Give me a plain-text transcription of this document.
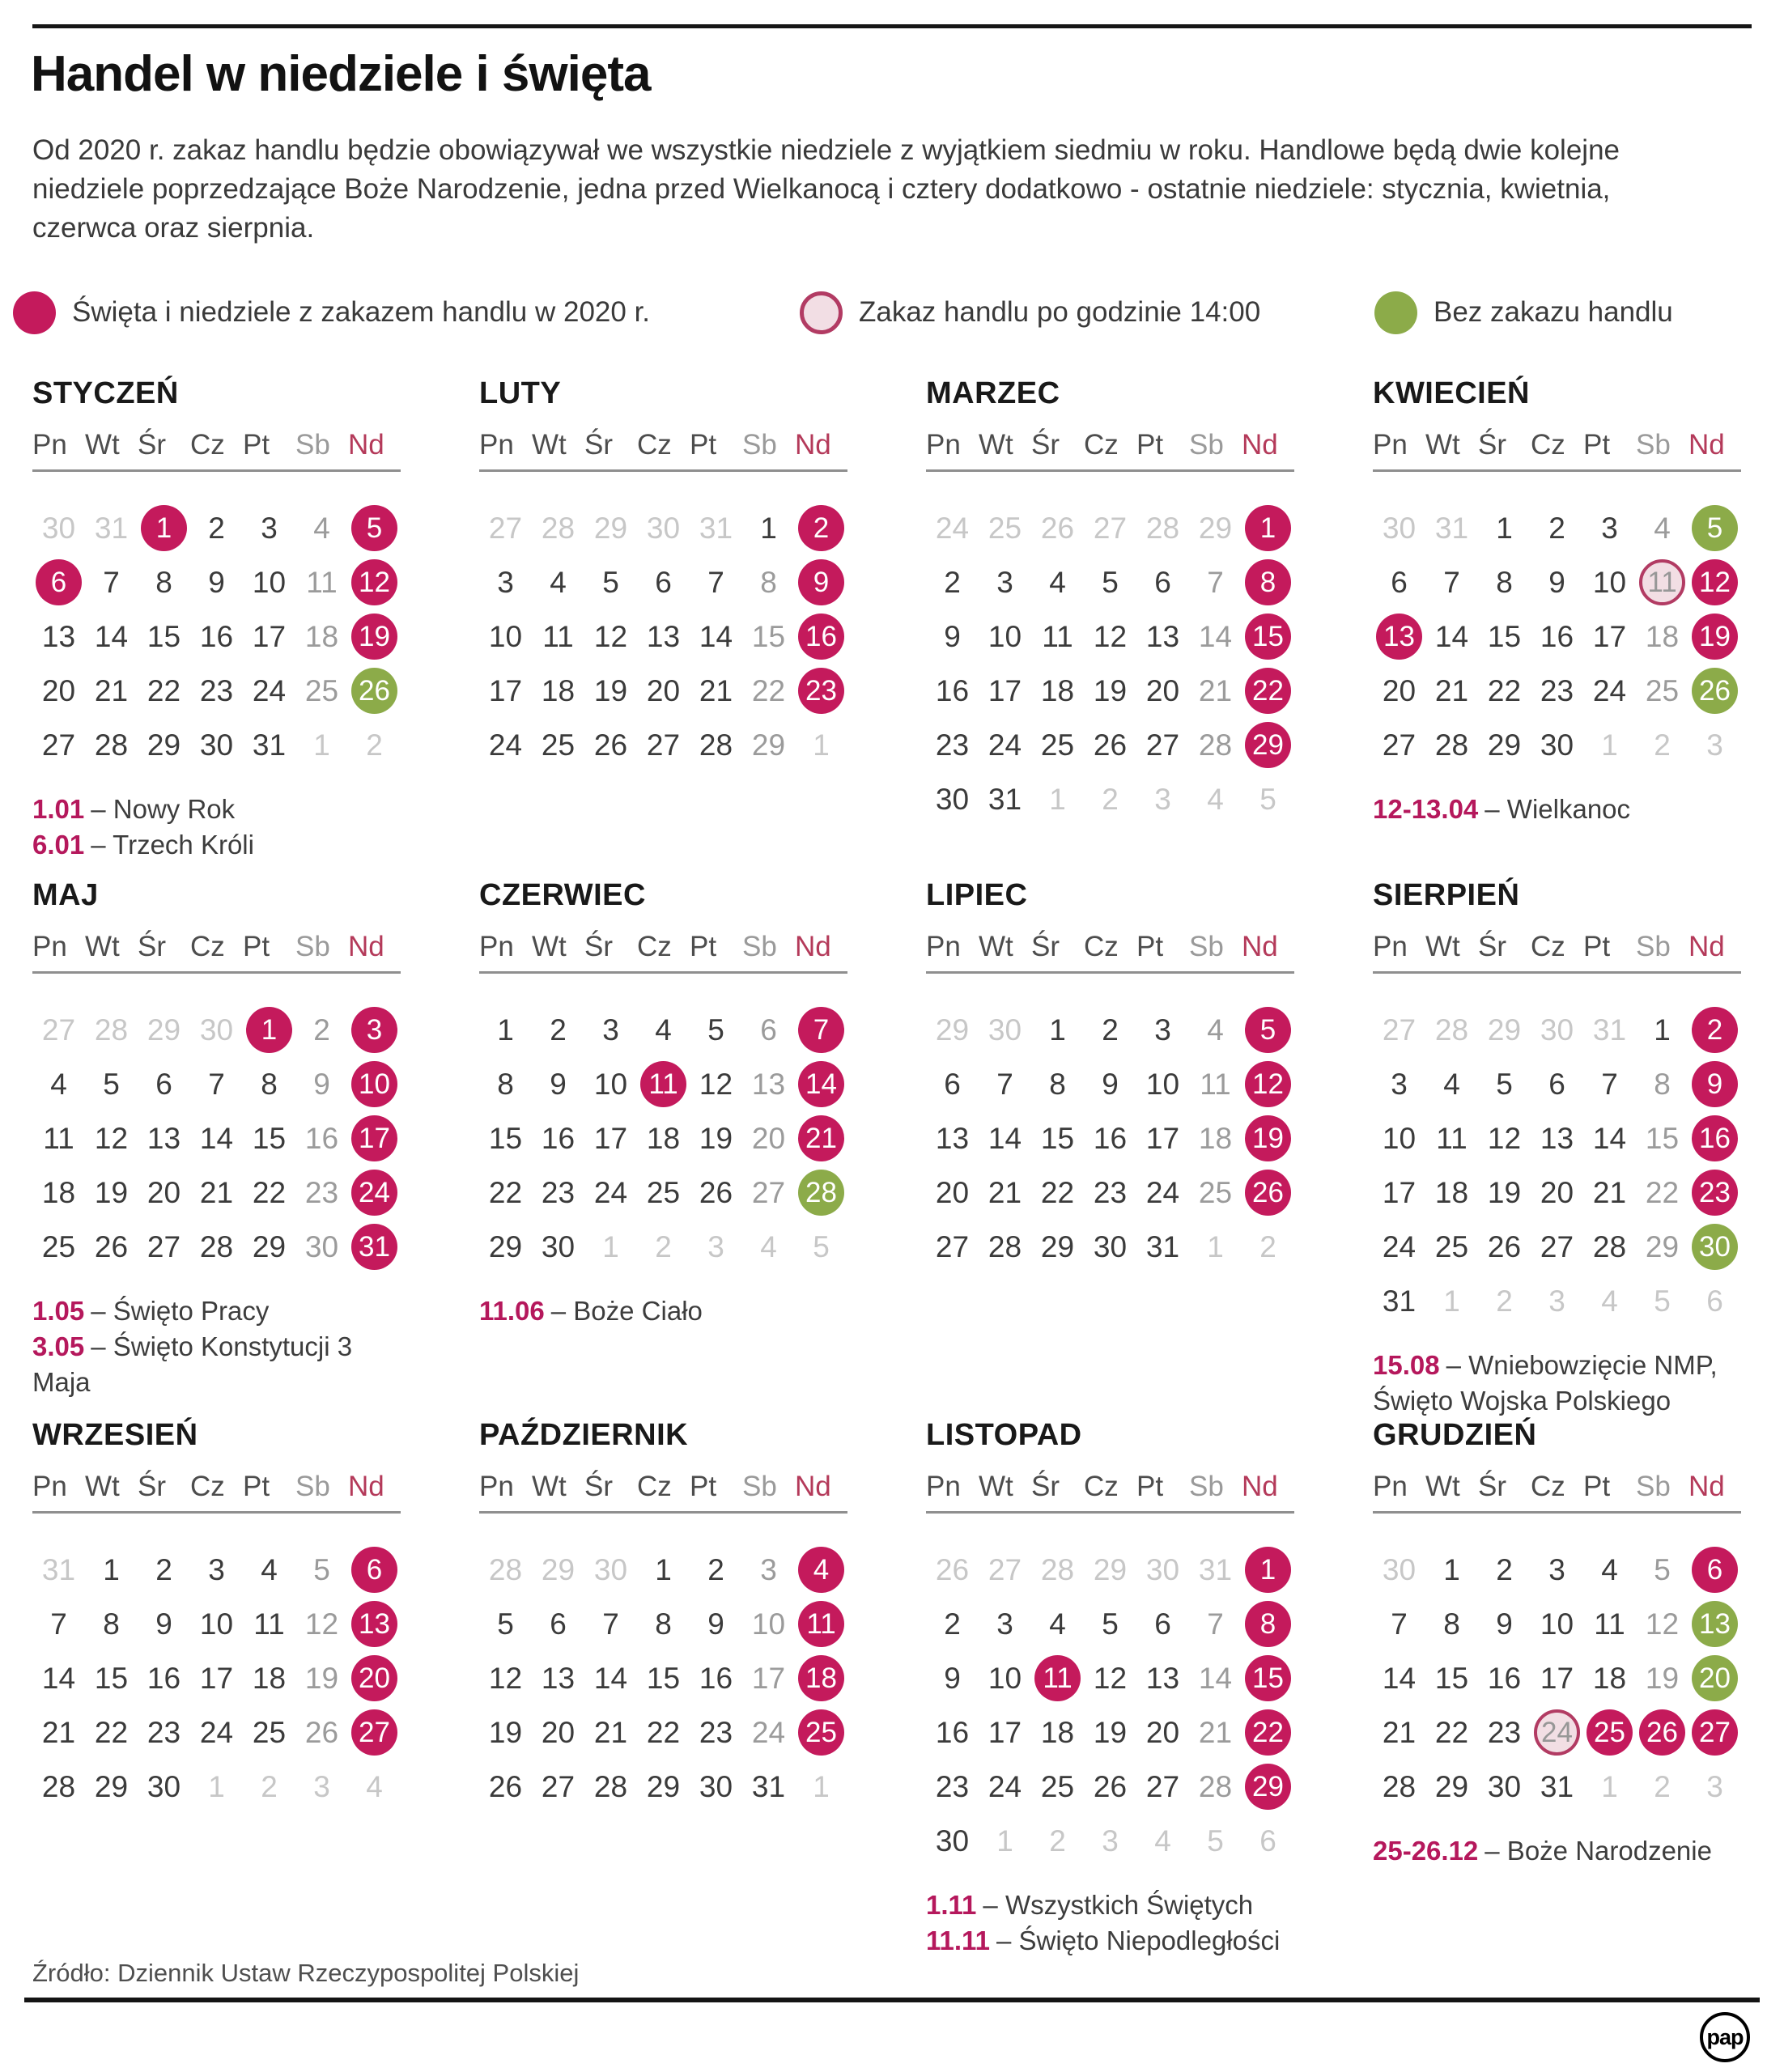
Handel w niedziele i święta

Od 2020 r. zakaz handlu będzie obowiązywał we wszystkie niedziele z wyjątkiem siedmiu w roku. Handlowe będą dwie kolejne niedziele poprzedzające Boże Narodzenie, jedna przed Wielkanocą i cztery dodatkowo - ostatnie niedziele: stycznia, kwietnia, czerwca oraz sierpnia.

Święta i niedziele z zakazem handlu w 2020 r.	Zakaz handlu po godzinie 14:00	Bez zakazu handlu
STYCZEŃ
Pn Wt Śr Cz Pt Sb Nd
30 31 1	2	3	4	5
6	7	8	9 10 11 12
13 14 15 16 17 18 19
20 21 22 23 24 25 26
27 28 29 30 31 1	2
1.01 – Nowy Rok
6.01 – Trzech Króli
LUTY
Pn Wt Śr Cz Pt Sb Nd
27 28 29 30 31 1	2
3	4	5	6	7	8	9
10 11 12 13 14 15 16
17 18 19 20 21 22 23
24 25 26 27 28 29 1
MARZEC
Pn Wt Śr Cz Pt Sb Nd
24 25 26 27 28 29 1
2	3	4	5	6	7	8
9 10 11 12 13 14 15
16 17 18 19 20 21 22
23 24 25 26 27 28 29
30 31 1	2	3	4	5
KWIECIEŃ
Pn Wt Śr Cz Pt Sb Nd
30 31 1	2	3	4	5
6	7	8	9 10 11 12
13 14 15 16 17 18 19
20 21 22 23 24 25 26
27 28 29 30 1	2	3
12-13.04 – Wielkanoc
MAJ
Pn Wt Śr Cz Pt Sb Nd
27 28 29 30 1	2	3
4	5	6	7	8	9	10
11 12 13 14 15 16 17
18 19 20 21 22 23 24
25 26 27 28 29 30 31
1.05 – Święto Pracy
3.05 – Święto Konstytucji 3 Maja
CZERWIEC
Pn Wt Śr Cz Pt Sb Nd
1	2	3	4	5	6	7
8	9 10 11 12 13 14
15 16 17 18 19 20 21
22 23 24 25 26 27 28
29 30 1	2	3	4	5
11.06 – Boże Ciało
LIPIEC
Pn Wt Śr Cz Pt Sb Nd
29 30 1	2	3	4	5
6	7	8	9 10 11 12
13 14 15 16 17 18 19
20 21 22 23 24 25 26
27 28 29 30 31 1	2
SIERPIEŃ
Pn Wt Śr Cz Pt Sb Nd
27 28 29 30 31 1	2
3	4	5	6	7	8	9
10 11 12 13 14 15 16
17 18 19 20 21 22 23
24 25 26 27 28 29 30
31 1	2	3	4	5	6
15.08 – Wniebowzięcie NMP, Święto Wojska Polskiego
WRZESIEŃ
Pn Wt Śr Cz Pt Sb Nd
31 1	2	3	4	5	6
7	8	9 10 11 12 13
14 15 16 17 18 19 20
21 22 23 24 25 26 27
28 29 30 1	2	3	4
PAŹDZIERNIK
Pn Wt Śr Cz Pt Sb Nd
28 29 30 1	2	3	4
5	6	7	8	9 10 11
12 13 14 15 16 17 18
19 20 21 22 23 24 25
26 27 28 29 30 31 1
LISTOPAD
Pn Wt Śr Cz Pt Sb Nd
26 27 28 29 30 31 1
2	3	4	5	6	7	8
9 10 11 12 13 14 15
16 17 18 19 20 21 22
23 24 25 26 27 28 29
30 1	2	3	4	5	6
1.11 – Wszystkich Świętych
11.11 – Święto Niepodległości
GRUDZIEŃ
Pn Wt Śr Cz Pt Sb Nd
30 1	2	3	4	5	6
7	8	9 10 11 12 13
14 15 16 17 18 19 20
21 22 23 24 25 26 27
28 29 30 31 1	2	3
25-26.12 – Boże Narodzenie
Źródło: Dziennik Ustaw Rzeczypospolitej Polskiej
pap
